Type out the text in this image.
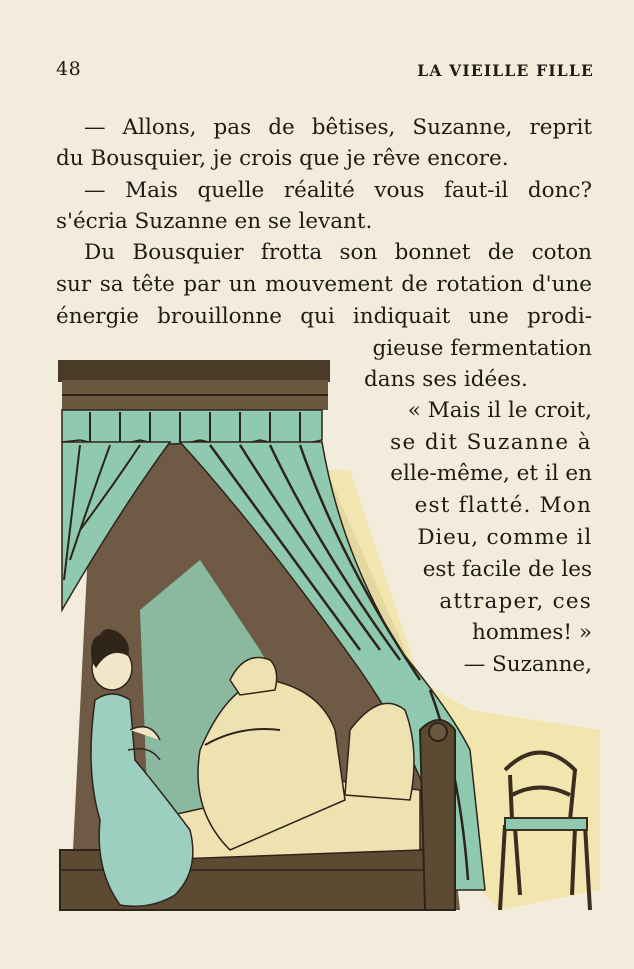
48	LA VIEILLE FILLE
— Allons, pas de bêtises, Suzanne, reprit
du Bousquier, je crois que je rêve encore.
— Mais quelle réalité vous faut-il donc?
s'écria Suzanne en se levant.
Du Bousquier frotta son bonnet de coton
sur sa tête par un mouvement de rotation d'une
énergie brouillonne qui indiquait une prodi-
gieuse fermentation
dans ses idées.
« Mais il le croit,
se dit Suzanne à
elle-même, et il en
est flatté. Mon
Dieu, comme il
est facile de les
attraper, ces
hommes! »
— Suzanne,
